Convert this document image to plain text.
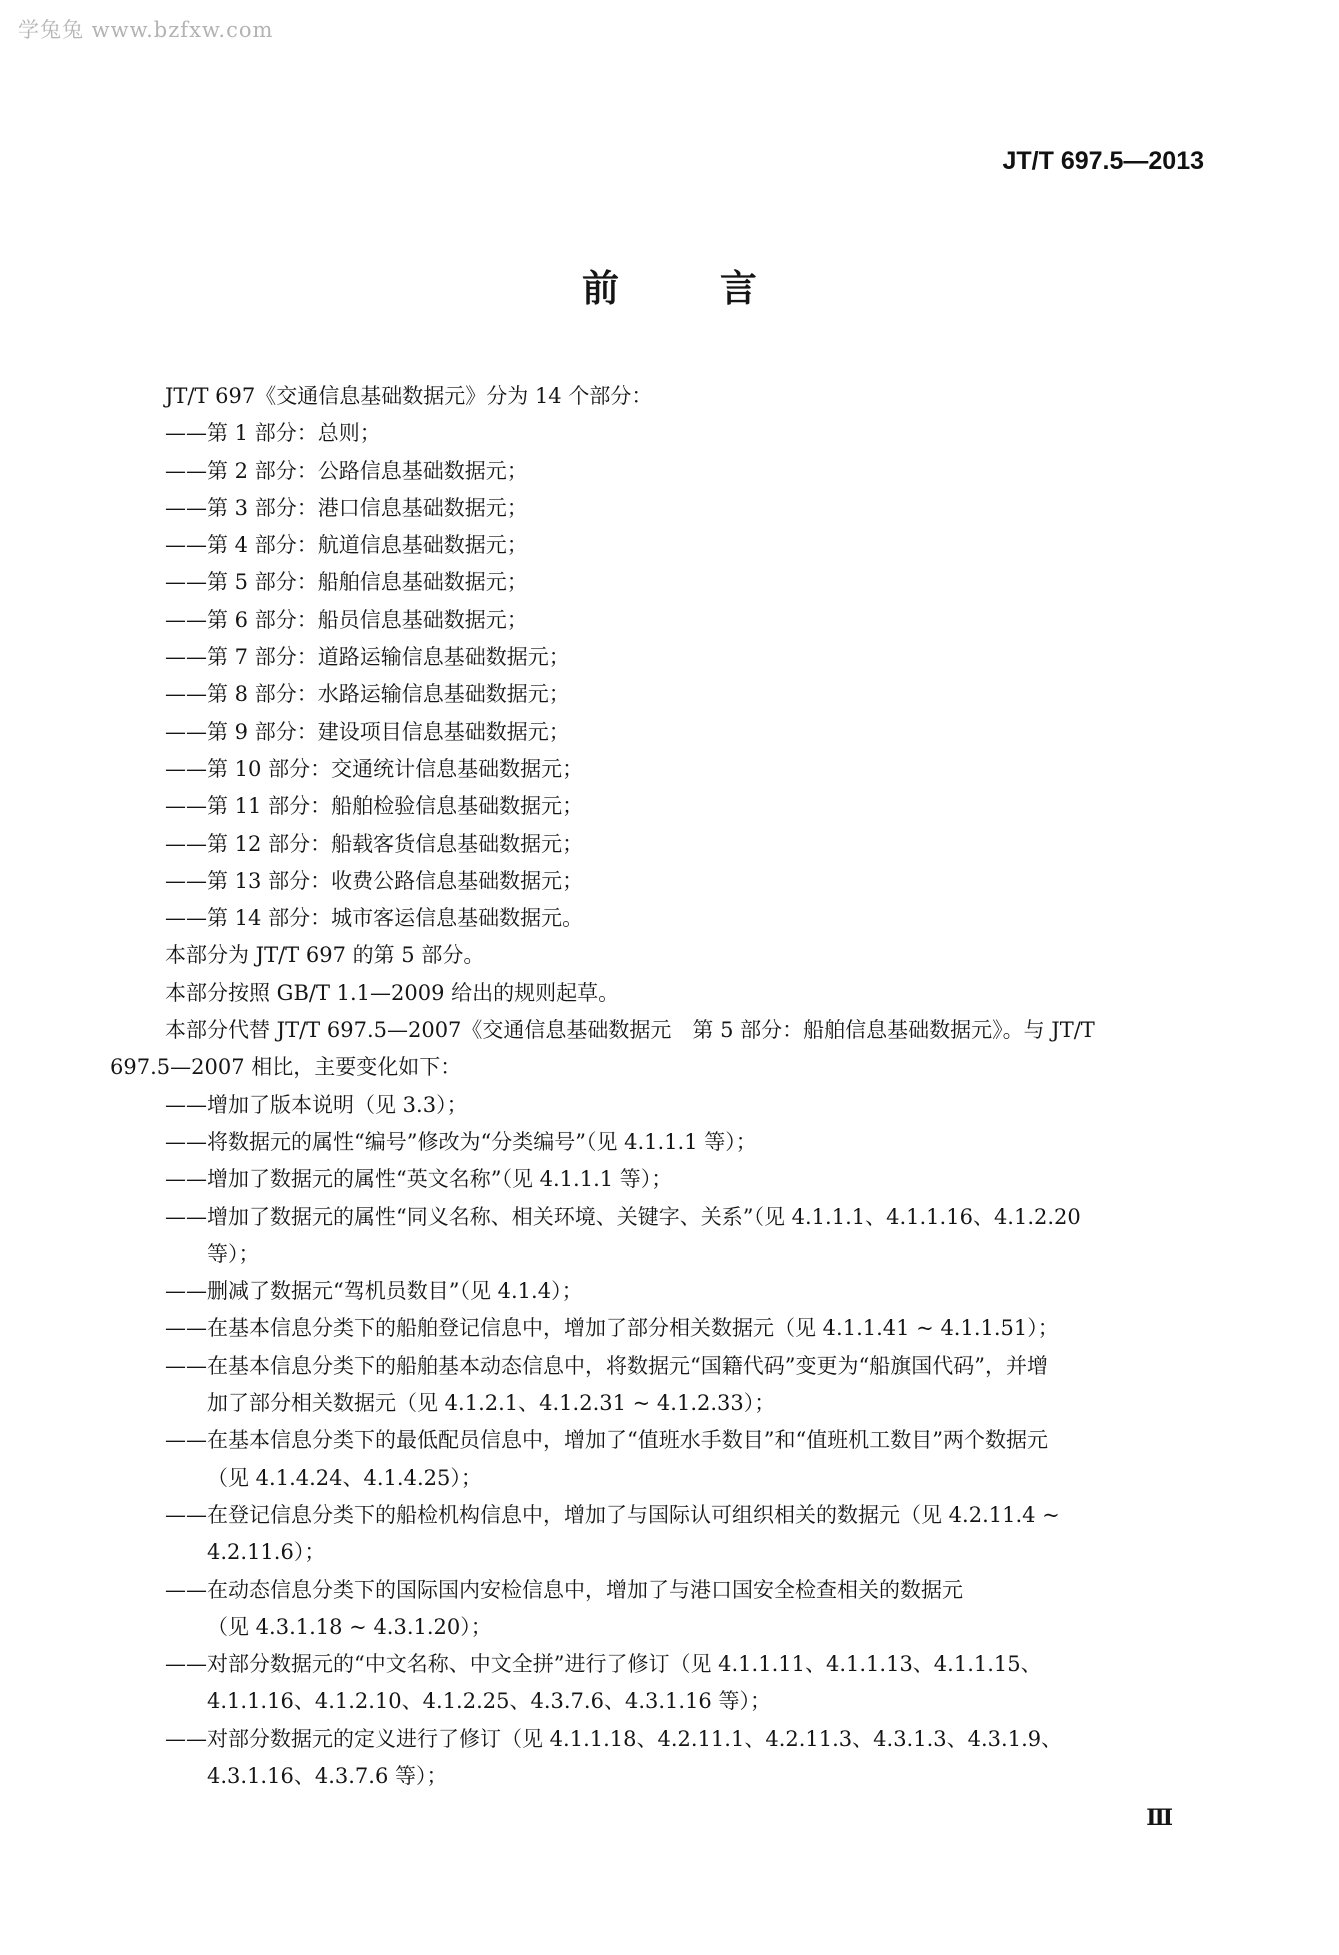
学兔兔 www.bzfxw.com
JT/T 697.5—2013
前 言
JT/T 697《交通信息基础数据元》分为 14 个部分：
——第 1 部分：总则；
——第 2 部分：公路信息基础数据元；
——第 3 部分：港口信息基础数据元；
——第 4 部分：航道信息基础数据元；
——第 5 部分：船舶信息基础数据元；
——第 6 部分：船员信息基础数据元；
——第 7 部分：道路运输信息基础数据元；
——第 8 部分：水路运输信息基础数据元；
——第 9 部分：建设项目信息基础数据元；
——第 10 部分：交通统计信息基础数据元；
——第 11 部分：船舶检验信息基础数据元；
——第 12 部分：船载客货信息基础数据元；
——第 13 部分：收费公路信息基础数据元；
——第 14 部分：城市客运信息基础数据元。
本部分为 JT/T 697 的第 5 部分。
本部分按照 GB/T 1.1—2009 给出的规则起草。
本部分代替 JT/T 697.5—2007《交通信息基础数据元　第 5 部分：船舶信息基础数据元》。与 JT/T
697.5—2007 相比，主要变化如下：
——增加了版本说明（见 3.3）；
——将数据元的属性“编号”修改为“分类编号”（见 4.1.1.1 等）；
——增加了数据元的属性“英文名称”（见 4.1.1.1 等）；
——增加了数据元的属性“同义名称、相关环境、关键字、关系”（见 4.1.1.1、4.1.1.16、4.1.2.20
等）；
——删减了数据元“驾机员数目”（见 4.1.4）；
——在基本信息分类下的船舶登记信息中，增加了部分相关数据元（见 4.1.1.41 ~ 4.1.1.51）；
——在基本信息分类下的船舶基本动态信息中，将数据元“国籍代码”变更为“船旗国代码”，并增
加了部分相关数据元（见 4.1.2.1、4.1.2.31 ~ 4.1.2.33）；
——在基本信息分类下的最低配员信息中，增加了“值班水手数目”和“值班机工数目”两个数据元
（见 4.1.4.24、4.1.4.25）；
——在登记信息分类下的船检机构信息中，增加了与国际认可组织相关的数据元（见 4.2.11.4 ~
4.2.11.6）；
——在动态信息分类下的国际国内安检信息中，增加了与港口国安全检查相关的数据元
（见 4.3.1.18 ~ 4.3.1.20）；
——对部分数据元的“中文名称、中文全拼”进行了修订（见 4.1.1.11、4.1.1.13、4.1.1.15、
4.1.1.16、4.1.2.10、4.1.2.25、4.3.7.6、4.3.1.16 等）；
——对部分数据元的定义进行了修订（见 4.1.1.18、4.2.11.1、4.2.11.3、4.3.1.3、4.3.1.9、
4.3.1.16、4.3.7.6 等）；
Ⅲ
